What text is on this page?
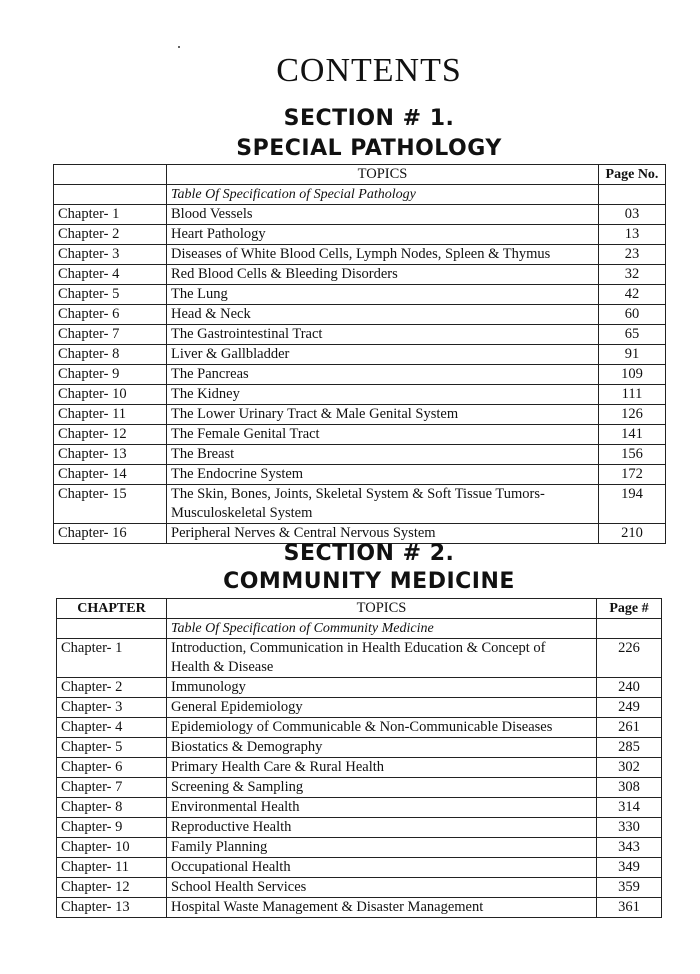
CONTENTS
SECTION # 1.
SPECIAL PATHOLOGY
	TOPICS	Page No.
	Table Of Specification of Special Pathology	
Chapter- 1	Blood Vessels	03
Chapter- 2	Heart Pathology	13
Chapter- 3	Diseases of White Blood Cells, Lymph Nodes, Spleen & Thymus	23
Chapter- 4	Red Blood Cells & Bleeding Disorders	32
Chapter- 5	The Lung	42
Chapter- 6	Head & Neck	60
Chapter- 7	The Gastrointestinal Tract	65
Chapter- 8	Liver & Gallbladder	91
Chapter- 9	The Pancreas	109
Chapter- 10	The Kidney	111
Chapter- 11	The Lower Urinary Tract & Male Genital System	126
Chapter- 12	The Female Genital Tract	141
Chapter- 13	The Breast	156
Chapter- 14	The Endocrine System	172
Chapter- 15	The Skin, Bones, Joints, Skeletal System & Soft Tissue Tumors-
Musculoskeletal System	194
Chapter- 16	Peripheral Nerves & Central Nervous System	210
SECTION # 2.
COMMUNITY MEDICINE
CHAPTER	TOPICS	Page #
	Table Of Specification of Community Medicine	
Chapter- 1	Introduction, Communication in Health Education & Concept of
Health & Disease	226
Chapter- 2	Immunology	240
Chapter- 3	General Epidemiology	249
Chapter- 4	Epidemiology of Communicable & Non-Communicable Diseases	261
Chapter- 5	Biostatics & Demography	285
Chapter- 6	Primary Health Care & Rural Health	302
Chapter- 7	Screening & Sampling	308
Chapter- 8	Environmental Health	314
Chapter- 9	Reproductive Health	330
Chapter- 10	Family Planning	343
Chapter- 11	Occupational Health	349
Chapter- 12	School Health Services	359
Chapter- 13	Hospital Waste Management & Disaster Management	361
